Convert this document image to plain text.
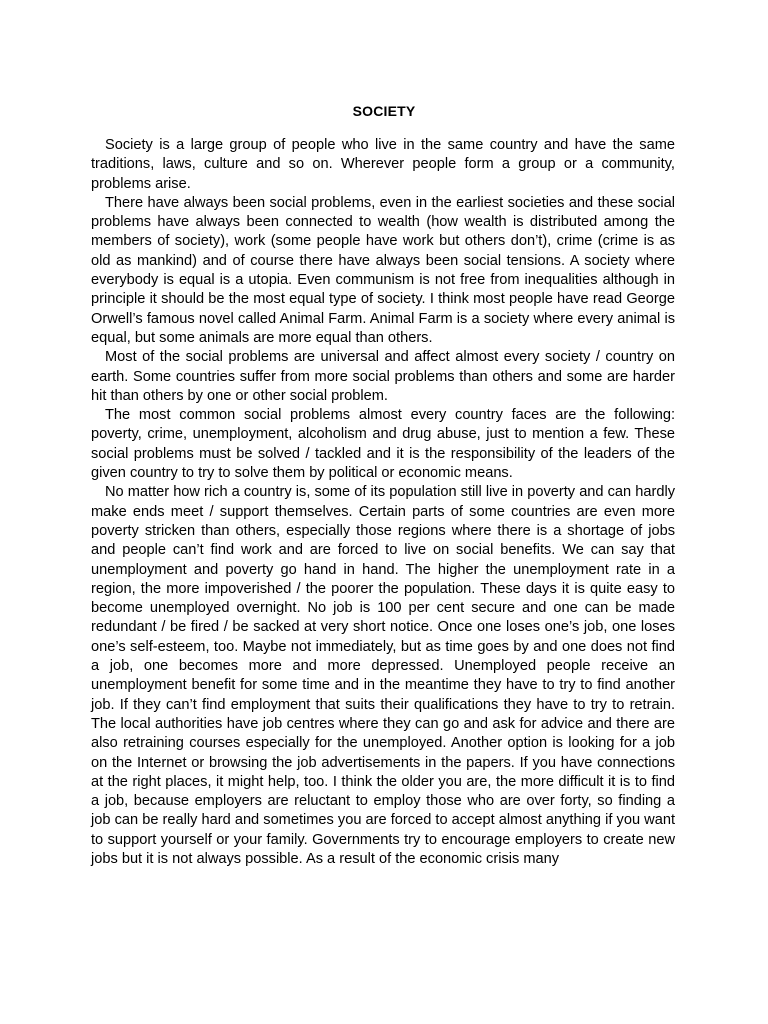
SOCIETY

Society is a large group of people who live in the same country and have the same traditions, laws, culture and so on. Wherever people form a group or a community, problems arise.

There have always been social problems, even in the earliest societies and these social problems have always been connected to wealth (how wealth is distributed among the members of society), work (some people have work but others don’t), crime (crime is as old as mankind) and of course there have always been social tensions. A society where everybody is equal is a utopia. Even communism is not free from inequalities although in principle it should be the most equal type of society. I think most people have read George Orwell’s famous novel called Animal Farm. Animal Farm is a society where every animal is equal, but some animals are more equal than others.

Most of the social problems are universal and affect almost every society / country on earth. Some countries suffer from more social problems than others and some are harder hit than others by one or other social problem.

The most common social problems almost every country faces are the following: poverty, crime, unemployment, alcoholism and drug abuse, just to mention a few. These social problems must be solved / tackled and it is the responsibility of the leaders of the given country to try to solve them by political or economic means.

No matter how rich a country is, some of its population still live in poverty and can hardly make ends meet / support themselves. Certain parts of some countries are even more poverty stricken than others, especially those regions where there is a shortage of jobs and people can’t find work and are forced to live on social benefits. We can say that unemployment and poverty go hand in hand. The higher the unemployment rate in a region, the more impoverished / the poorer the population. These days it is quite easy to become unemployed overnight. No job is 100 per cent secure and one can be made redundant / be fired / be sacked at very short notice. Once one loses one’s job, one loses one’s self-esteem, too. Maybe not immediately, but as time goes by and one does not find a job, one becomes more and more depressed. Unemployed people receive an unemployment benefit for some time and in the meantime they have to try to find another job. If they can’t find employment that suits their qualifications they have to try to retrain. The local authorities have job centres where they can go and ask for advice and there are also retraining courses especially for the unemployed. Another option is looking for a job on the Internet or browsing the job advertisements in the papers. If you have connections at the right places, it might help, too. I think the older you are, the more difficult it is to find a job, because employers are reluctant to employ those who are over forty, so finding a job can be really hard and sometimes you are forced to accept almost anything if you want to support yourself or your family. Governments try to encourage employers to create new jobs but it is not always possible. As a result of the economic crisis many
